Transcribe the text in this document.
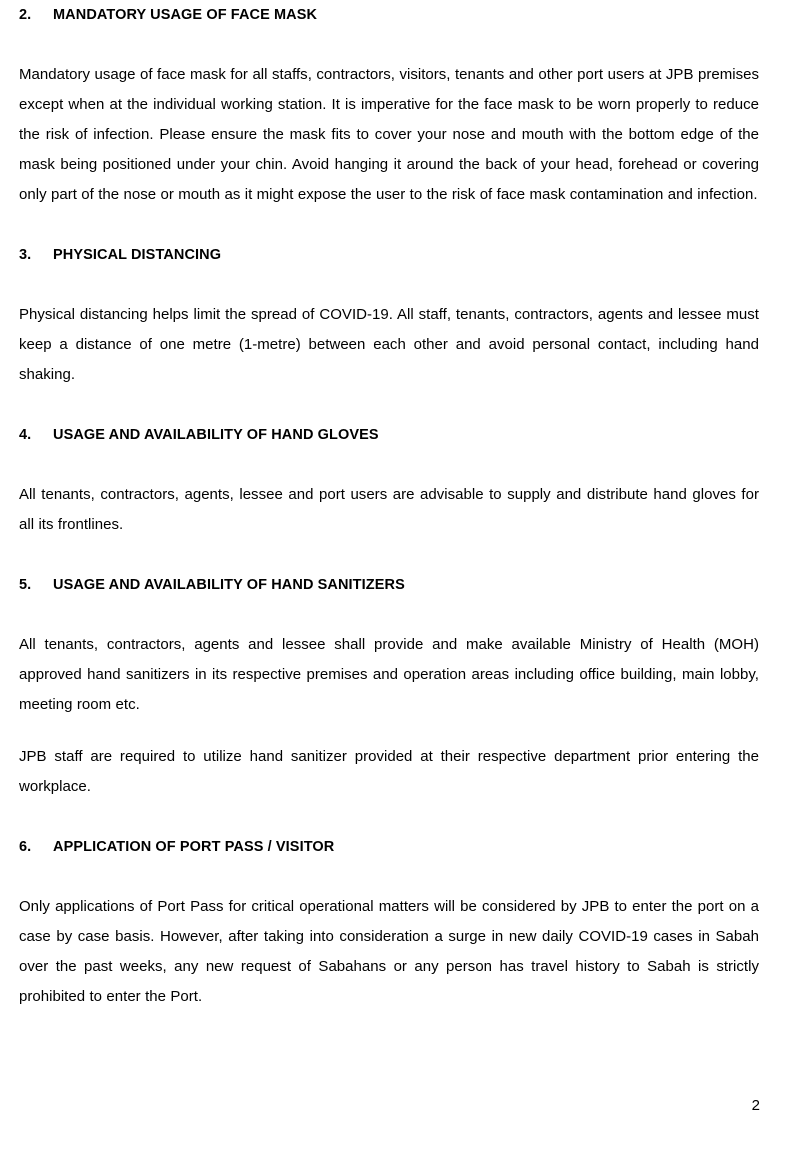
2. MANDATORY USAGE OF FACE MASK

Mandatory usage of face mask for all staffs, contractors, visitors, tenants and other port users at JPB premises except when at the individual working station. It is imperative for the face mask to be worn properly to reduce the risk of infection. Please ensure the mask fits to cover your nose and mouth with the bottom edge of the mask being positioned under your chin. Avoid hanging it around the back of your head, forehead or covering only part of the nose or mouth as it might expose the user to the risk of face mask contamination and infection.

3. PHYSICAL DISTANCING

Physical distancing helps limit the spread of COVID-19. All staff, tenants, contractors, agents and lessee must keep a distance of one metre (1-metre) between each other and avoid personal contact, including hand shaking.

4. USAGE AND AVAILABILITY OF HAND GLOVES

All tenants, contractors, agents, lessee and port users are advisable to supply and distribute hand gloves for all its frontlines.

5. USAGE AND AVAILABILITY OF HAND SANITIZERS

All tenants, contractors, agents and lessee shall provide and make available Ministry of Health (MOH) approved hand sanitizers in its respective premises and operation areas including office building, main lobby, meeting room etc.

JPB staff are required to utilize hand sanitizer provided at their respective department prior entering the workplace.

6. APPLICATION OF PORT PASS / VISITOR

Only applications of Port Pass for critical operational matters will be considered by JPB to enter the port on a case by case basis. However, after taking into consideration a surge in new daily COVID-19 cases in Sabah over the past weeks, any new request of Sabahans or any person has travel history to Sabah is strictly prohibited to enter the Port.

2
